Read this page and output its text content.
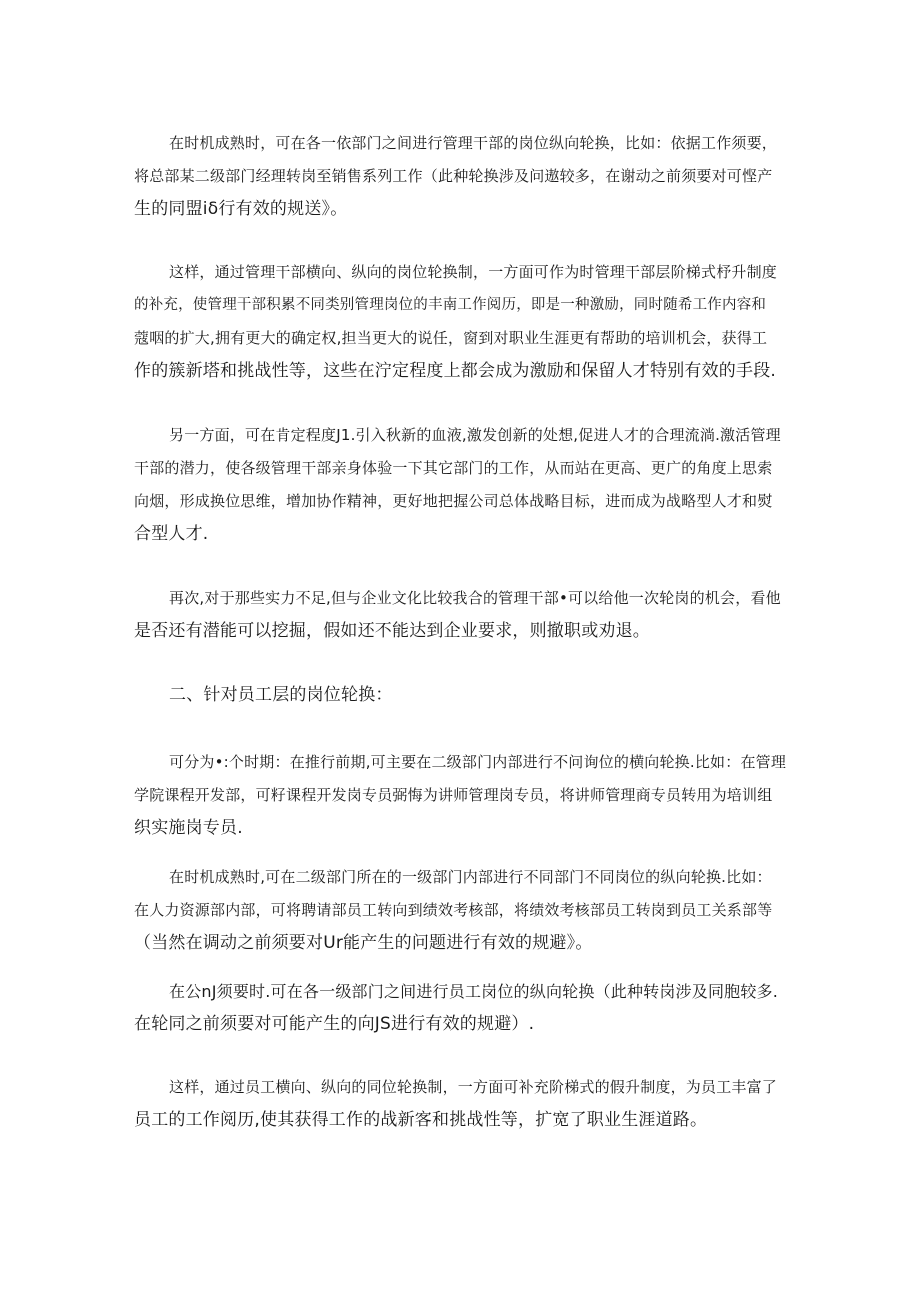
在时机成熟时，可在各一依部门之间进行管理干部的岗位纵向轮换，比如：依据工作须要，
将总部某二级部门经理转岗至销售系列工作（此种轮换涉及问遨较多，在谢动之前须要对可悭产
生的同盟iδ行有效的规送》。
这样，通过管理干部横向、纵向的岗位轮换制，一方面可作为时管理干部层阶梯式杼升制度
的补充，使管理干部积累不同类别管理岗位的丰南工作阅历，即是一种激励，同时随希工作内容和
蔻咽的扩大,拥有更大的确定权,担当更大的说任，窗到对职业生涯更有帮助的培训机会，获得工
作的簇新塔和挑战性等，这些在泞定程度上都会成为激励和保留人才特别有效的手段.
另一方面，可在肯定程度J1.引入秋新的血液,激发创新的处想,促进人才的合理流淌.激活管理
干部的潜力，使各级管理干部亲身体验一下其它部门的工作，从而站在更高、更广的角度上思索
向烟，形成换位思维，增加协作精神，更好地把握公司总体战略目标，进而成为战略型人才和熨
合型人才.
再次,对于那些实力不足,但与企业文化比较我合的管理干部•可以给他一次轮岗的机会，看他
是否还有潜能可以挖掘，假如还不能达到企业要求，则撤职或劝退。
二、针对员工层的岗位轮换：
可分为•:个时期：在推行前期,可主要在二级部门内部进行不问询位的横向轮换.比如：在管理
学院课程开发部，可籽课程开发岗专员弼悔为讲师管理岗专员，将讲师管理商专员转用为培训组
织实施岗专员.
在时机成熟时,可在二级部门所在的一级部门内部进行不同部门不同岗位的纵向轮换.比如：
在人力资源部内部，可将聘请部员工转向到绩效考核部，将绩效考核部员工转岗到员工关系部等
（当然在调动之前须要对Ur能产生的问题进行有效的规避》。
在公nJ须要时.可在各一级部门之间进行员工岗位的纵向轮换（此种转岗涉及同胞较多.
在轮同之前须要对可能产生的向JS进行有效的规避）.
这样，通过员工横向、纵向的同位轮换制，一方面可补充阶梯式的假升制度，为员工丰富了
员工的工作阅历,使其获得工作的战新客和挑战性等，扩宽了职业生涯道路。
